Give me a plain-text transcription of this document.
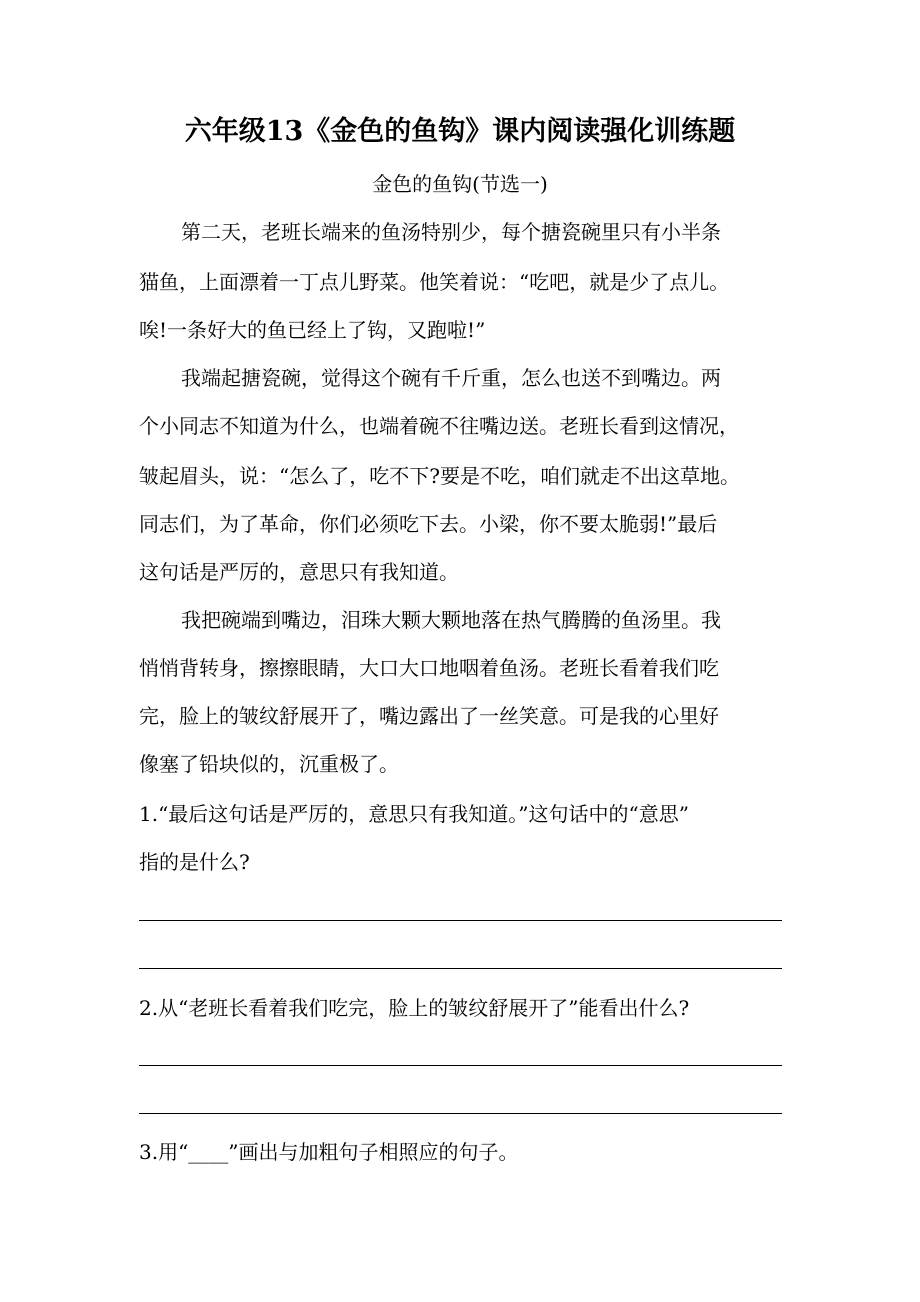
六年级13《金色的鱼钩》课内阅读强化训练题
金色的鱼钩(节选一)
第二天，老班长端来的鱼汤特别少，每个搪瓷碗里只有小半条
猫鱼，上面漂着一丁点儿野菜。他笑着说：“吃吧，就是少了点儿。
唉!一条好大的鱼已经上了钩，又跑啦!”
我端起搪瓷碗，觉得这个碗有千斤重，怎么也送不到嘴边。两
个小同志不知道为什么，也端着碗不往嘴边送。老班长看到这情况，
皱起眉头，说：“怎么了，吃不下?要是不吃，咱们就走不出这草地。
同志们，为了革命，你们必须吃下去。小梁，你不要太脆弱!”最后
这句话是严厉的，意思只有我知道。
我把碗端到嘴边，泪珠大颗大颗地落在热气腾腾的鱼汤里。我
悄悄背转身，擦擦眼睛，大口大口地咽着鱼汤。老班长看着我们吃
完，脸上的皱纹舒展开了，嘴边露出了一丝笑意。可是我的心里好
像塞了铅块似的，沉重极了。
1.“最后这句话是严厉的，意思只有我知道。”这句话中的“意思”
指的是什么?
2.从“老班长看着我们吃完，脸上的皱纹舒展开了”能看出什么?
3.用“____”画出与加粗句子相照应的句子。
